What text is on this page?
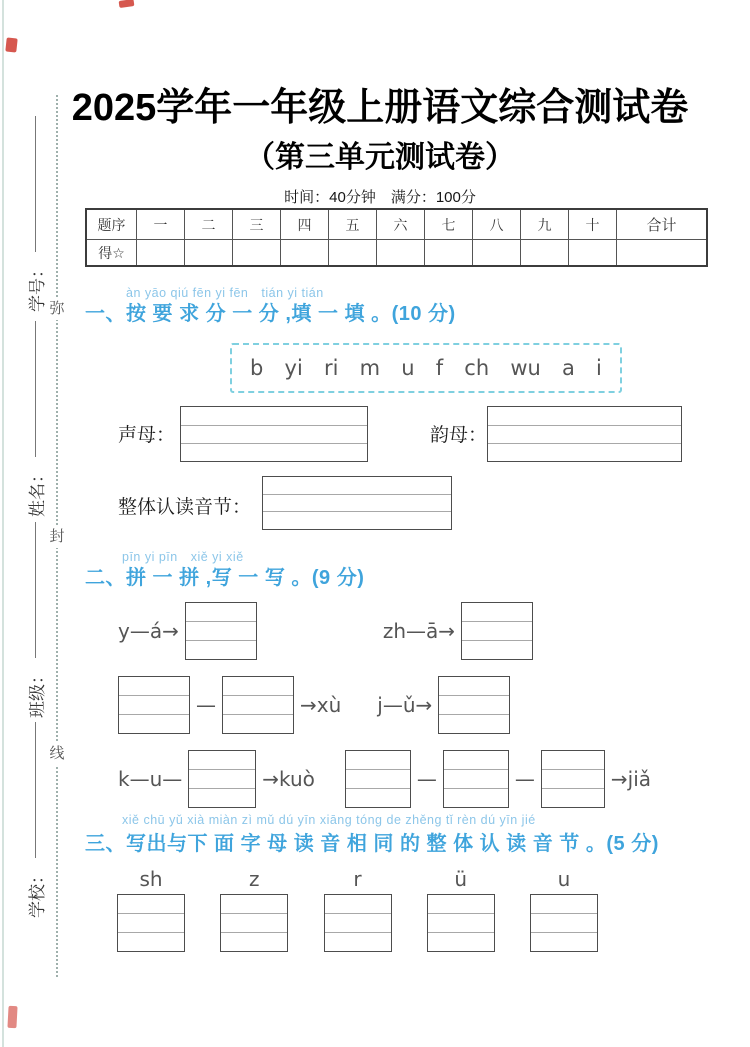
弥
封
线
学号：
姓名：
班级：
学校：
2025学年一年级上册语文综合测试卷
（第三单元测试卷）
时间：40分钟　满分：100分
题序	一	二	三	四	五	六	七	八	九	十	合计
得☆											
àn yāo qiú fēn yi fēn　tián yi tián
一、按 要 求 分 一 分 ,填 一 填 。(10 分)
b yi ri m u f ch wu a i
声母：	韵母：
整体认读音节：
pīn yi pīn　xiě yi xiě
二、拼 一 拼 ,写 一 写 。(9 分)
y—á→	zh—ā→
—	→xù j—ǔ→
k—u—	→kuò	—	—	→jiǎ
xiě chū yǔ xià miàn zì mǔ dú yīn xiāng tóng de zhěng tǐ rèn dú yīn jié
三、写出与下 面 字 母 读 音 相 同 的 整 体 认 读 音 节 。(5 分)
sh	z	r	ü	u
